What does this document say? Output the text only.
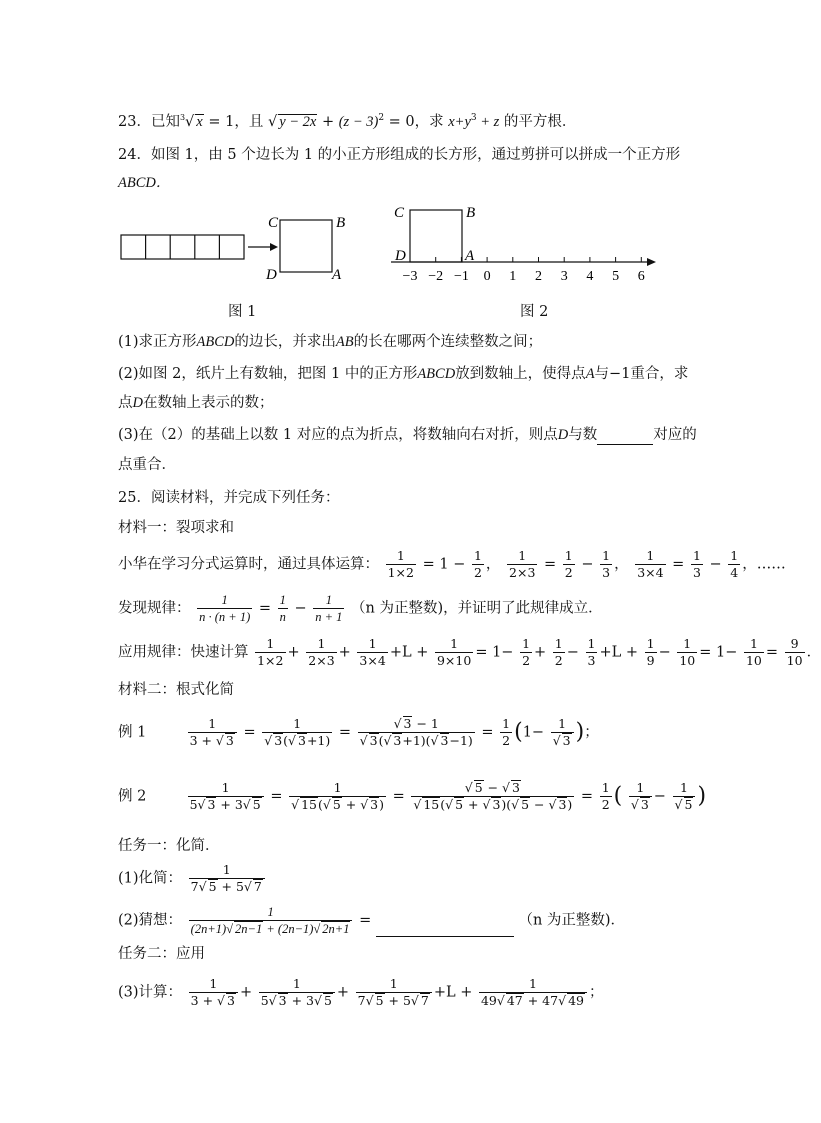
23．已知$^3$√ x = 1，且 √ $y - 2x + (z - 3)^2 = 0$，求 $x+y^3 + z$ 的平方根．
24．如图 1，由 5 个边长为 1 的小正方形组成的长方形，通过剪拼可以拼成一个正方形
ABCD．
C	B
D	A
图 1
−3 −2 −1 0 1 2 3 4 5 6
C	B
D	A
图 2
(1)求正方形ABCD的边长，并求出AB的长在哪两个连续整数之间；
(2)如图 2，纸片上有数轴，把图 1 中的正方形ABCD放到数轴上，使得点A与−1重合，求
点D在数轴上表示的数；
(3)在（2）的基础上以数 1 对应的点为折点，将数轴向右对折，则点D与数	对应的
点重合．
25．阅读材料，并完成下列任务：
材料一：裂项求和
小华在学习分式运算时，通过具体运算： $\frac{1}{1\times 2} = 1 - \frac{1}{2}$ ， $\frac{1}{2\times 3} = \frac{1}{2} - \frac{1}{3}$ ， $\frac{1}{3\times 4} = \frac{1}{3} - \frac{1}{4}$ ，……
发现规律： $\frac{1}{n \cdot (n + 1)} = \frac{1}{n} - \frac{1}{n + 1} (n$ 为正整数)，并证明了此规律成立．
应用规律：快速计算 $\frac{1}{1\times 2} + \frac{1}{2\times 3} + \frac{1}{3\times 4} +L + \frac{1}{9\times 10} = 1- \frac{1}{2} + \frac{1}{2} - \frac{1}{3} +L + \frac{1}{9} - \frac{1}{10} = 1- \frac{1}{10} = \frac{9}{10}$ ．
材料二：根式化简
例 1	$\frac{1}{3 + √ 3} = \frac{1}{√ 3(√ 3+1)} = \frac{√ 3 - 1}{√ 3(√ 3+1)(√ 3-1)} = \frac{1}{2} (1- \frac{1}{√ 3}$ )；
例 2	$\frac{1}{5√ 3 + 3√ 5} = \frac{1}{√ 15(√ 5 + √ 3)} = \frac{√ 5 - √ 3}{√ 15(√ 5 + √ 3)(√ 5 - √ 3)} = \frac{1}{2}$ ( $\frac{1}{√ 3} - \frac{1}{√ 5}$ )
任务一：化简．
(1)化简： $\frac{1}{7√ 5 + 5√ 7}$
(2)猜想： $\frac{1}{(2n+1)√ 2n-1 + (2n-1)√ 2n+1}$ =	（n 为正整数)．
任务二：应用
(3)计算： $\frac{1}{3 + √ 3} + \frac{1}{5√ 3 + 3√ 5} + \frac{1}{7√ 5 + 5√ 7} +L + \frac{1}{49√ 47 + 47√ 49}$ ；
